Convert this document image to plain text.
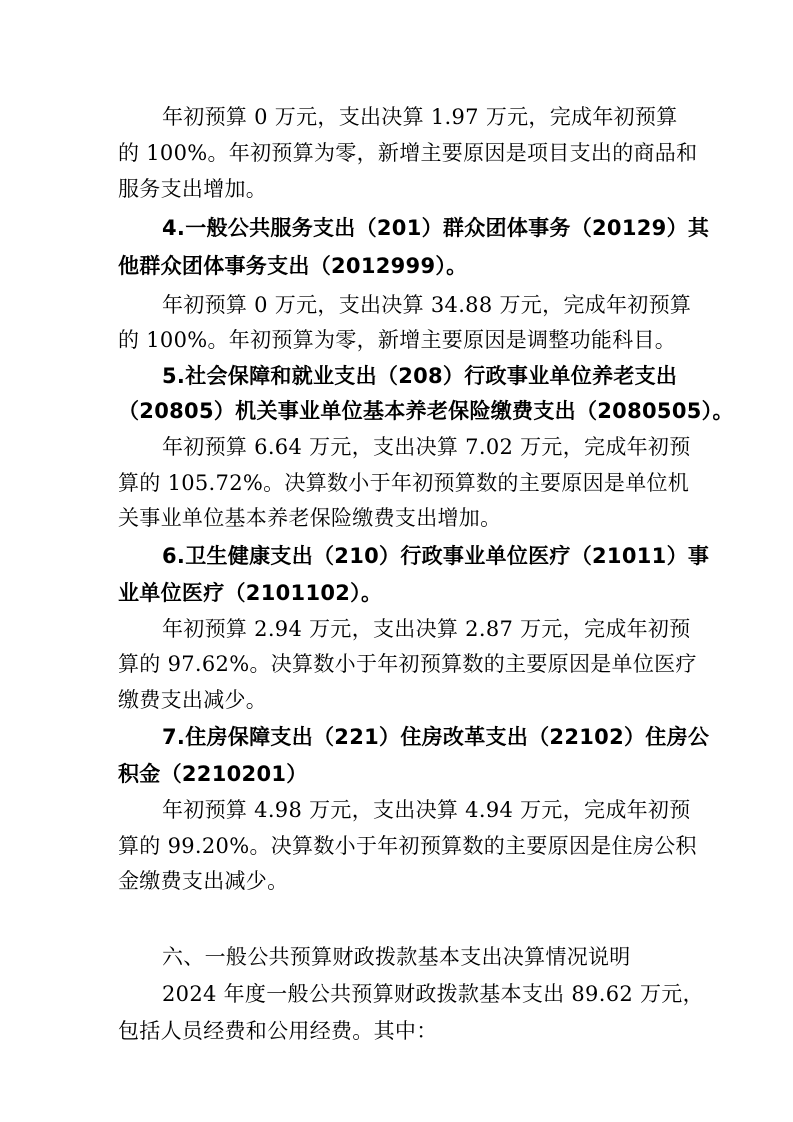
年初预算 0 万元，支出决算 1.97 万元，完成年初预算
的 100%。年初预算为零，新增主要原因是项目支出的商品和
服务支出增加。
4.一般公共服务支出（201）群众团体事务（20129）其
他群众团体事务支出（2012999）。
年初预算 0 万元，支出决算 34.88 万元，完成年初预算
的 100%。年初预算为零，新增主要原因是调整功能科目。
5.社会保障和就业支出（208）行政事业单位养老支出
（20805）机关事业单位基本养老保险缴费支出（2080505）。
年初预算 6.64 万元，支出决算 7.02 万元，完成年初预
算的 105.72%。决算数小于年初预算数的主要原因是单位机
关事业单位基本养老保险缴费支出增加。
6.卫生健康支出（210）行政事业单位医疗（21011）事
业单位医疗（2101102）。
年初预算 2.94 万元，支出决算 2.87 万元，完成年初预
算的 97.62%。决算数小于年初预算数的主要原因是单位医疗
缴费支出减少。
7.住房保障支出（221）住房改革支出（22102）住房公
积金（2210201）
年初预算 4.98 万元，支出决算 4.94 万元，完成年初预
算的 99.20%。决算数小于年初预算数的主要原因是住房公积
金缴费支出减少。
六、一般公共预算财政拨款基本支出决算情况说明
2024 年度一般公共预算财政拨款基本支出 89.62 万元，
包括人员经费和公用经费。其中：
